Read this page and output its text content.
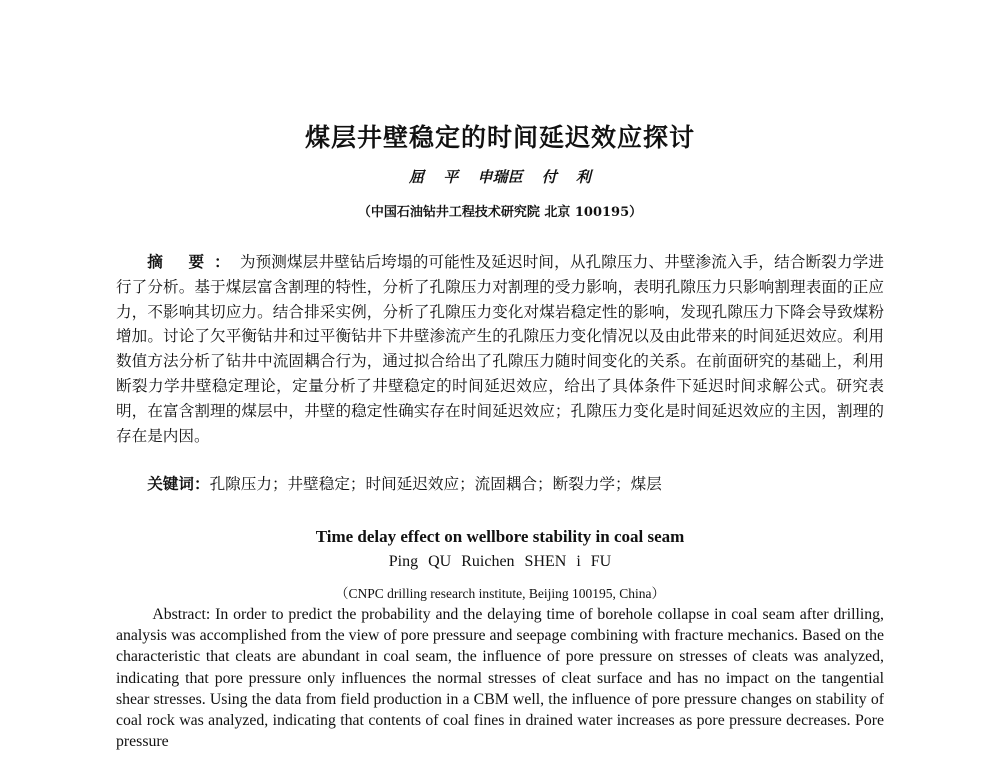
煤层井壁稳定的时间延迟效应探讨
屈 平 申瑞臣 付 利
（中国石油钻井工程技术研究院 北京 100195）

摘 要：为预测煤层井壁钻后垮塌的可能性及延迟时间，从孔隙压力、井壁渗流入手，结合断裂力学进行了分析。基于煤层富含割理的特性，分析了孔隙压力对割理的受力影响，表明孔隙压力只影响割理表面的正应力，不影响其切应力。结合排采实例，分析了孔隙压力变化对煤岩稳定性的影响，发现孔隙压力下降会导致煤粉增加。讨论了欠平衡钻井和过平衡钻井下井壁渗流产生的孔隙压力变化情况以及由此带来的时间延迟效应。利用数值方法分析了钻井中流固耦合行为，通过拟合给出了孔隙压力随时间变化的关系。在前面研究的基础上，利用断裂力学井壁稳定理论，定量分析了井壁稳定的时间延迟效应，给出了具体条件下延迟时间求解公式。研究表明，在富含割理的煤层中，井壁的稳定性确实存在时间延迟效应；孔隙压力变化是时间延迟效应的主因，割理的存在是内因。

关键词：孔隙压力；井壁稳定；时间延迟效应；流固耦合；断裂力学；煤层

Time delay effect on wellbore stability in coal seam
Ping QU Ruichen SHEN i FU
（CNPC drilling research institute, Beijing 100195, China）

Abstract: In order to predict the probability and the delaying time of borehole collapse in coal seam after drilling, analysis was accomplished from the view of pore pressure and seepage combining with fracture mechanics. Based on the characteristic that cleats are abundant in coal seam, the influence of pore pressure on stresses of cleats was analyzed, indicating that pore pressure only influences the normal stresses of cleat surface and has no impact on the tangential shear stresses. Using the data from field production in a CBM well, the influence of pore pressure changes on stability of coal rock was analyzed, indicating that contents of coal fines in drained water increases as pore pressure decreases. Pore pressure
